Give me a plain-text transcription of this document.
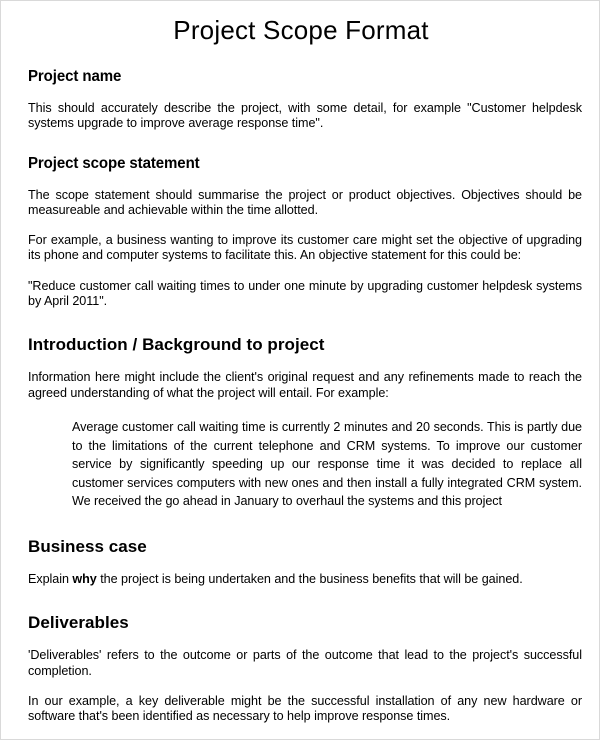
Project Scope Format
Project name

This should accurately describe the project, with some detail, for example "Customer helpdesk systems upgrade to improve average response time".

Project scope statement

The scope statement should summarise the project or product objectives. Objectives should be measureable and achievable within the time allotted.

For example, a business wanting to improve its customer care might set the objective of upgrading its phone and computer systems to facilitate this. An objective statement for this could be:

"Reduce customer call waiting times to under one minute by upgrading customer helpdesk systems by April 2011".

Introduction / Background to project

Information here might include the client's original request and any refinements made to reach the agreed understanding of what the project will entail. For example:

Average customer call waiting time is currently 2 minutes and 20 seconds. This is partly due to the limitations of the current telephone and CRM systems. To improve our customer service by significantly speeding up our response time it was decided to replace all customer services computers with new ones and then install a fully integrated CRM system. We received the go ahead in January to overhaul the systems and this project

Business case

Explain why the project is being undertaken and the business benefits that will be gained.

Deliverables

'Deliverables' refers to the outcome or parts of the outcome that lead to the project's successful completion.

In our example, a key deliverable might be the successful installation of any new hardware or software that's been identified as necessary to help improve response times.
